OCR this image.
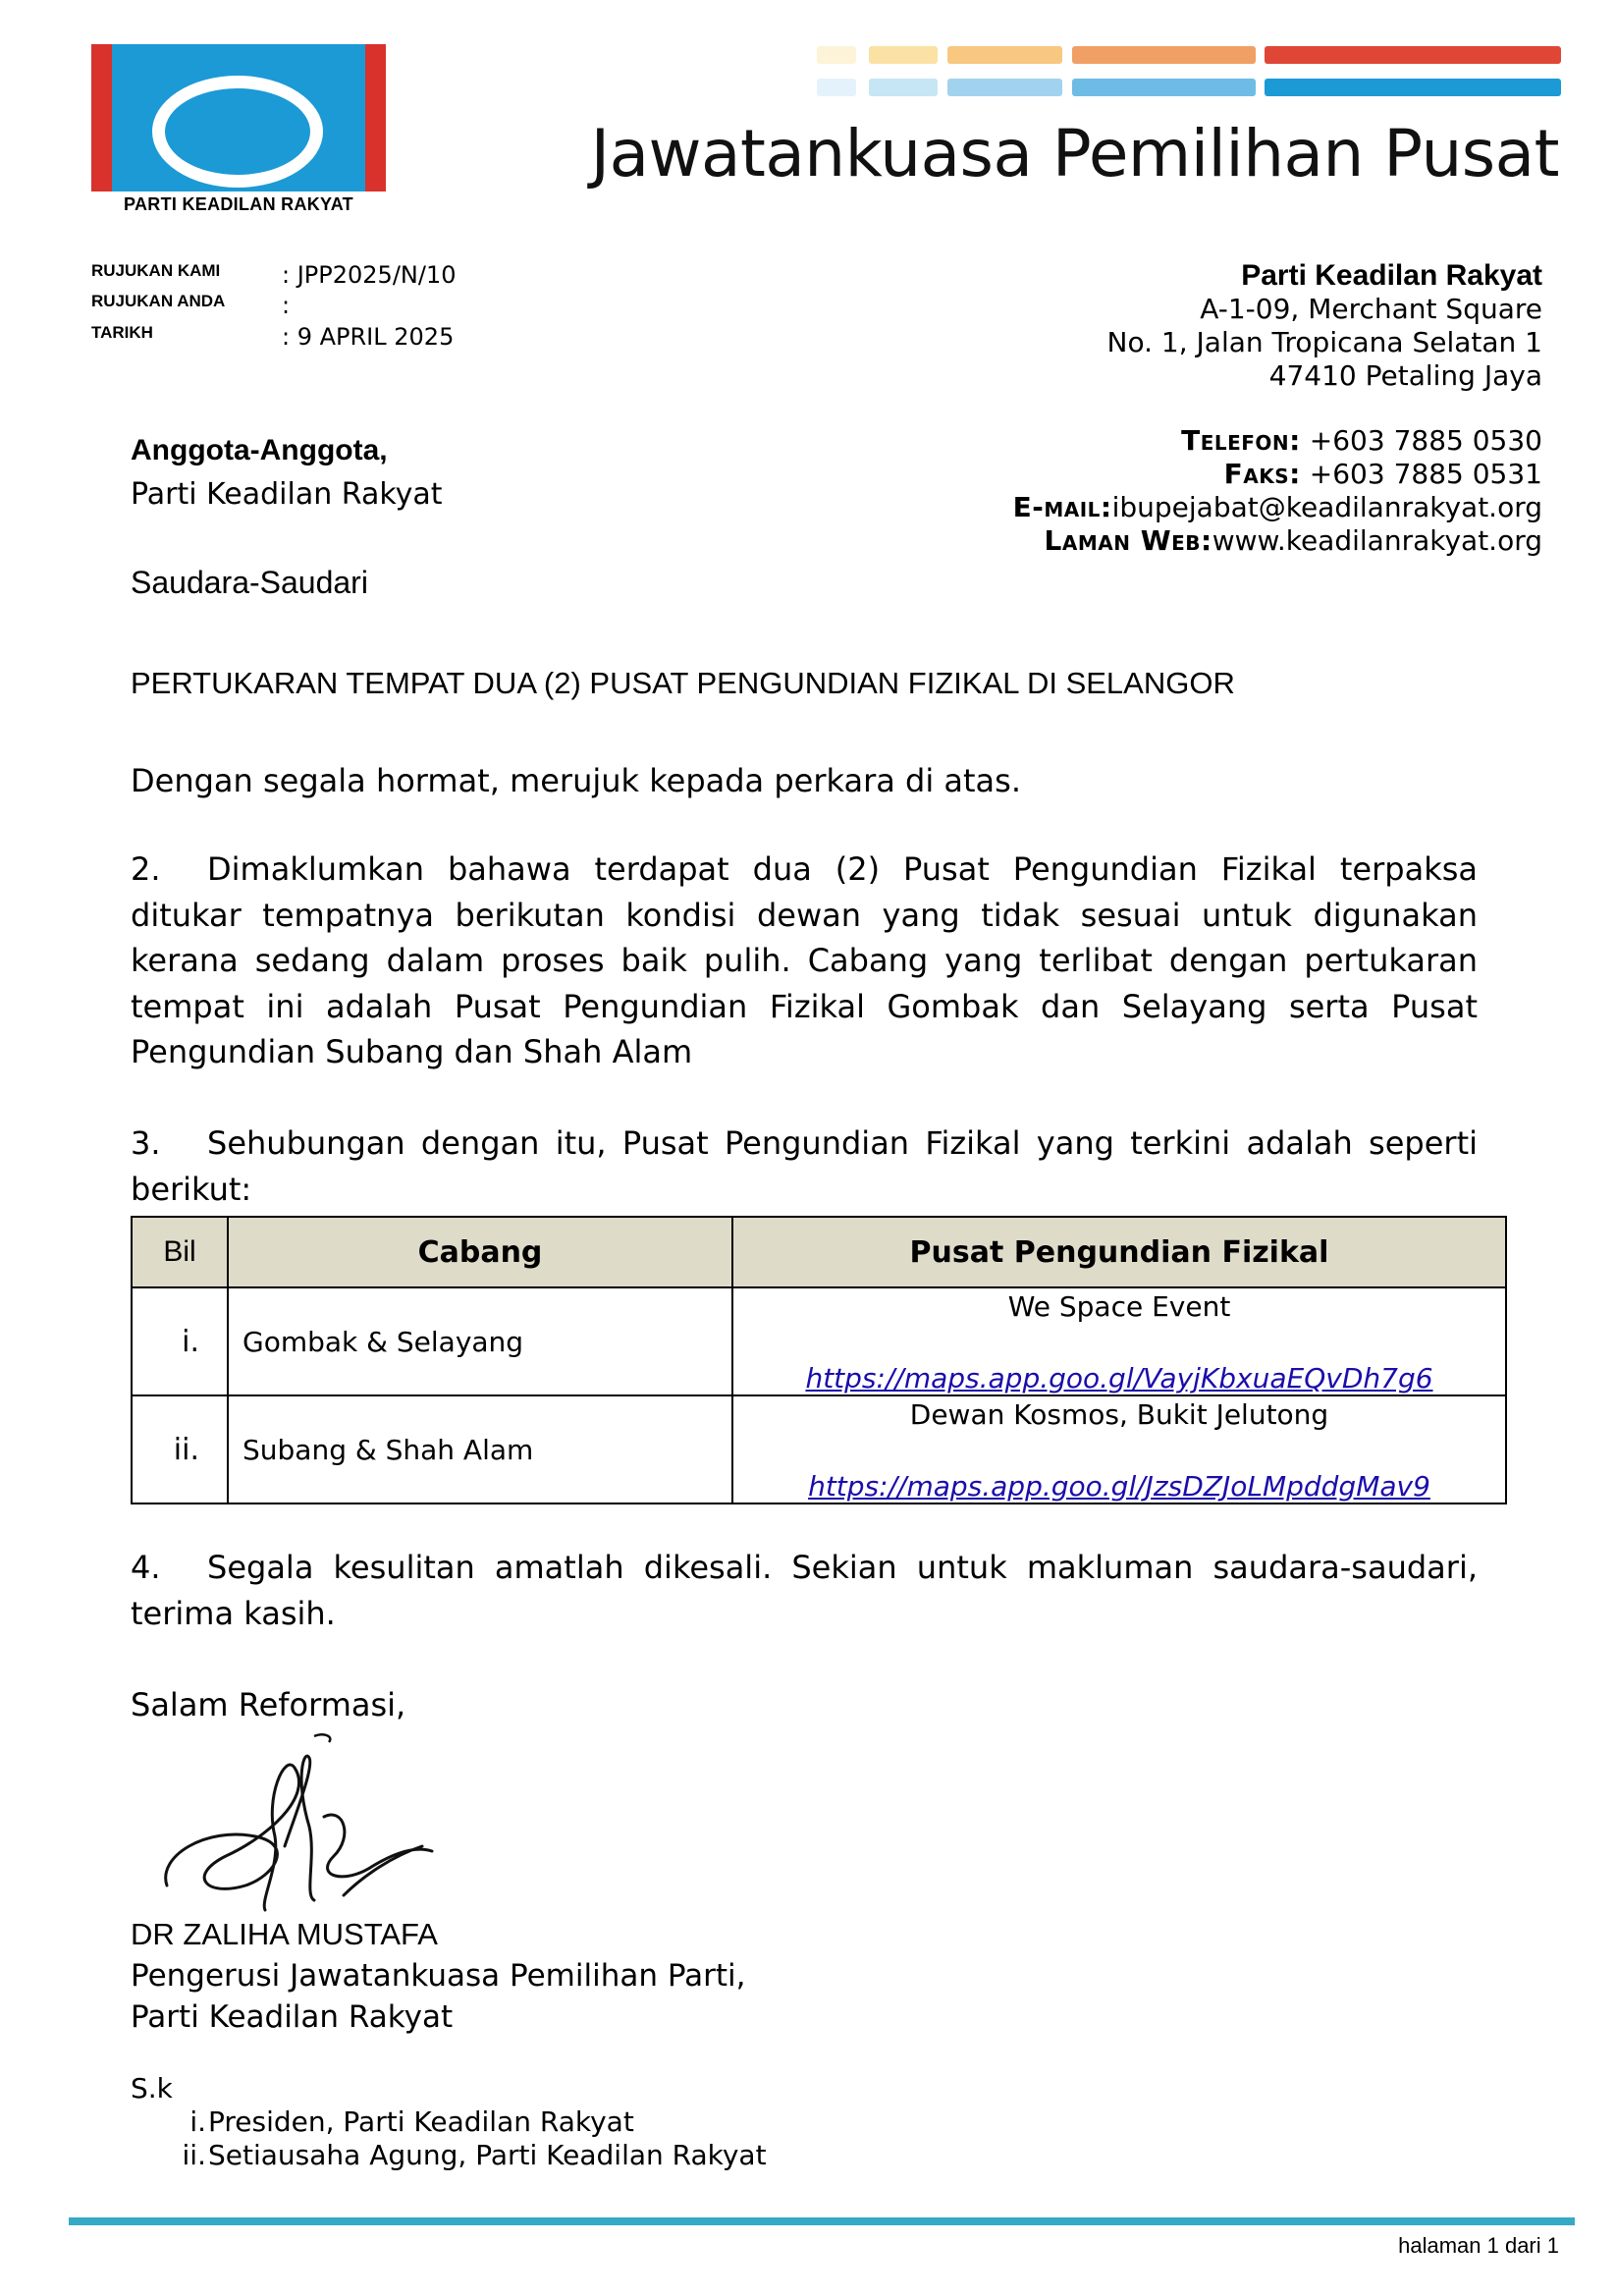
PARTI KEADILAN RAKYAT
Jawatankuasa Pemilihan Pusat
RUJUKAN KAMI	: JPP2025/N/10
RUJUKAN ANDA :
TARIKH	: 9 APRIL 2025
Parti Keadilan Rakyat
A-1-09, Merchant Square
No. 1, Jalan Tropicana Selatan 1
47410 Petaling Jaya
Telefon: +603 7885 0530
Faks: +603 7885 0531
E-mail:ibupejabat@keadilanrakyat.org
Laman Web:www.keadilanrakyat.org
Anggota-Anggota,
Parti Keadilan Rakyat
Saudara-Saudari
PERTUKARAN TEMPAT DUA (2) PUSAT PENGUNDIAN FIZIKAL DI SELANGOR
Dengan segala hormat, merujuk kepada perkara di atas.
2. Dimaklumkan bahawa terdapat dua (2) Pusat Pengundian Fizikal terpaksa ditukar tempatnya berikutan kondisi dewan yang tidak sesuai untuk digunakan kerana sedang dalam proses baik pulih. Cabang yang terlibat dengan pertukaran tempat ini adalah Pusat Pengundian Fizikal Gombak dan Selayang serta Pusat Pengundian Subang dan Shah Alam
3. Sehubungan dengan itu, Pusat Pengundian Fizikal yang terkini adalah seperti berikut:
Bil	Cabang	Pusat Pengundian Fizikal
i.	Gombak & Selayang	We Space Event
https://maps.app.goo.gl/VayjKbxuaEQvDh7g6

ii.	Subang & Shah Alam	Dewan Kosmos, Bukit Jelutong
https://maps.app.goo.gl/JzsDZJoLMpddgMav9
4. Segala kesulitan amatlah dikesali. Sekian untuk makluman saudara-saudari, terima kasih.
Salam Reformasi,
DR ZALIHA MUSTAFA
Pengerusi Jawatankuasa Pemilihan Parti,
Parti Keadilan Rakyat
S.k
i. Presiden, Parti Keadilan Rakyat
ii. Setiausaha Agung, Parti Keadilan Rakyat
halaman 1 dari 1
